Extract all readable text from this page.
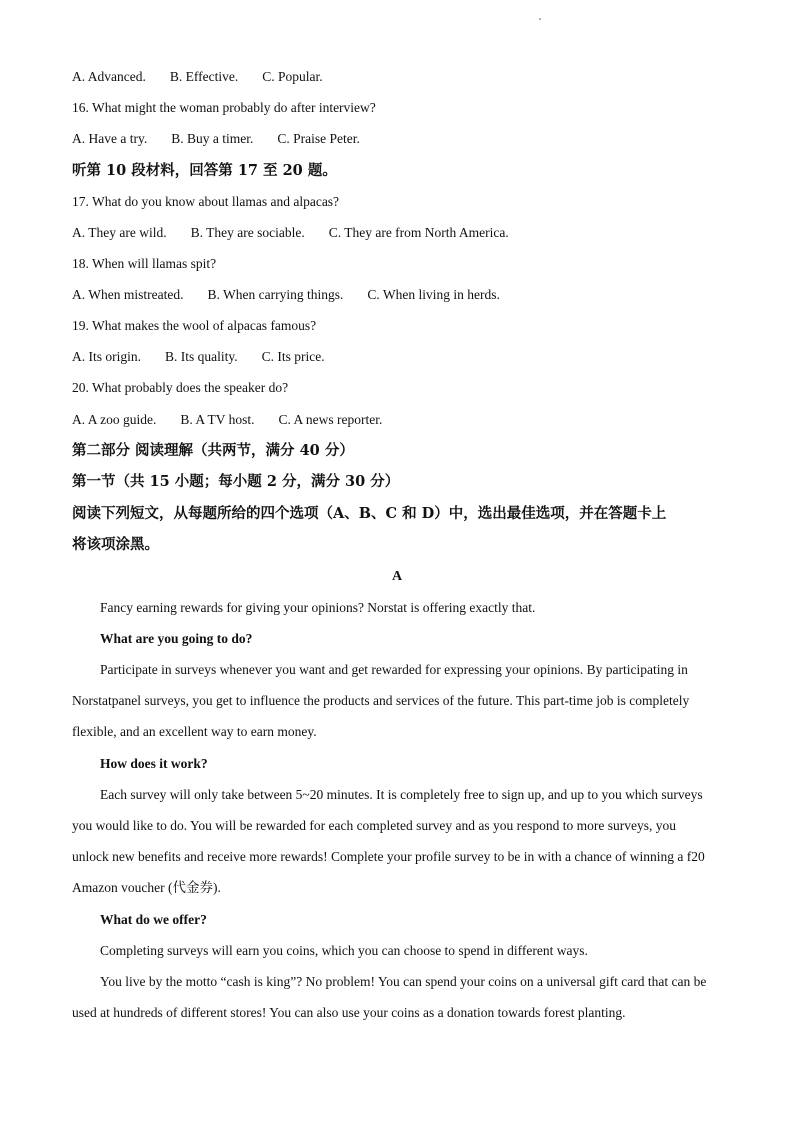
A. Advanced. B. Effective. C. Popular.
16. What might the woman probably do after interview?
A. Have a try. B. Buy a timer. C. Praise Peter.
听第 10 段材料，回答第 17 至 20 题。
17. What do you know about llamas and alpacas?
A. They are wild. B. They are sociable. C. They are from North America.
18. When will llamas spit?
A. When mistreated. B. When carrying things. C. When living in herds.
19. What makes the wool of alpacas famous?
A. Its origin. B. Its quality. C. Its price.
20. What probably does the speaker do?
A. A zoo guide. B. A TV host. C. A news reporter.
第二部分 阅读理解（共两节，满分 40 分）
第一节（共 15 小题；每小题 2 分，满分 30 分）
阅读下列短文，从每题所给的四个选项（A、B、C 和 D）中，选出最佳选项，并在答题卡上
将该项涂黑。
A
Fancy earning rewards for giving your opinions? Norstat is offering exactly that.
What are you going to do?
Participate in surveys whenever you want and get rewarded for expressing your opinions. By participating in
Norstatpanel surveys, you get to influence the products and services of the future. This part-time job is completely
flexible, and an excellent way to earn money.
How does it work?
Each survey will only take between 5~20 minutes. It is completely free to sign up, and up to you which surveys
you would like to do. You will be rewarded for each completed survey and as you respond to more surveys, you
unlock new benefits and receive more rewards! Complete your profile survey to be in with a chance of winning a f20
Amazon voucher (代金券).
What do we offer?
Completing surveys will earn you coins, which you can choose to spend in different ways.
You live by the motto “cash is king”? No problem! You can spend your coins on a universal gift card that can be
used at hundreds of different stores! You can also use your coins as a donation towards forest planting.
